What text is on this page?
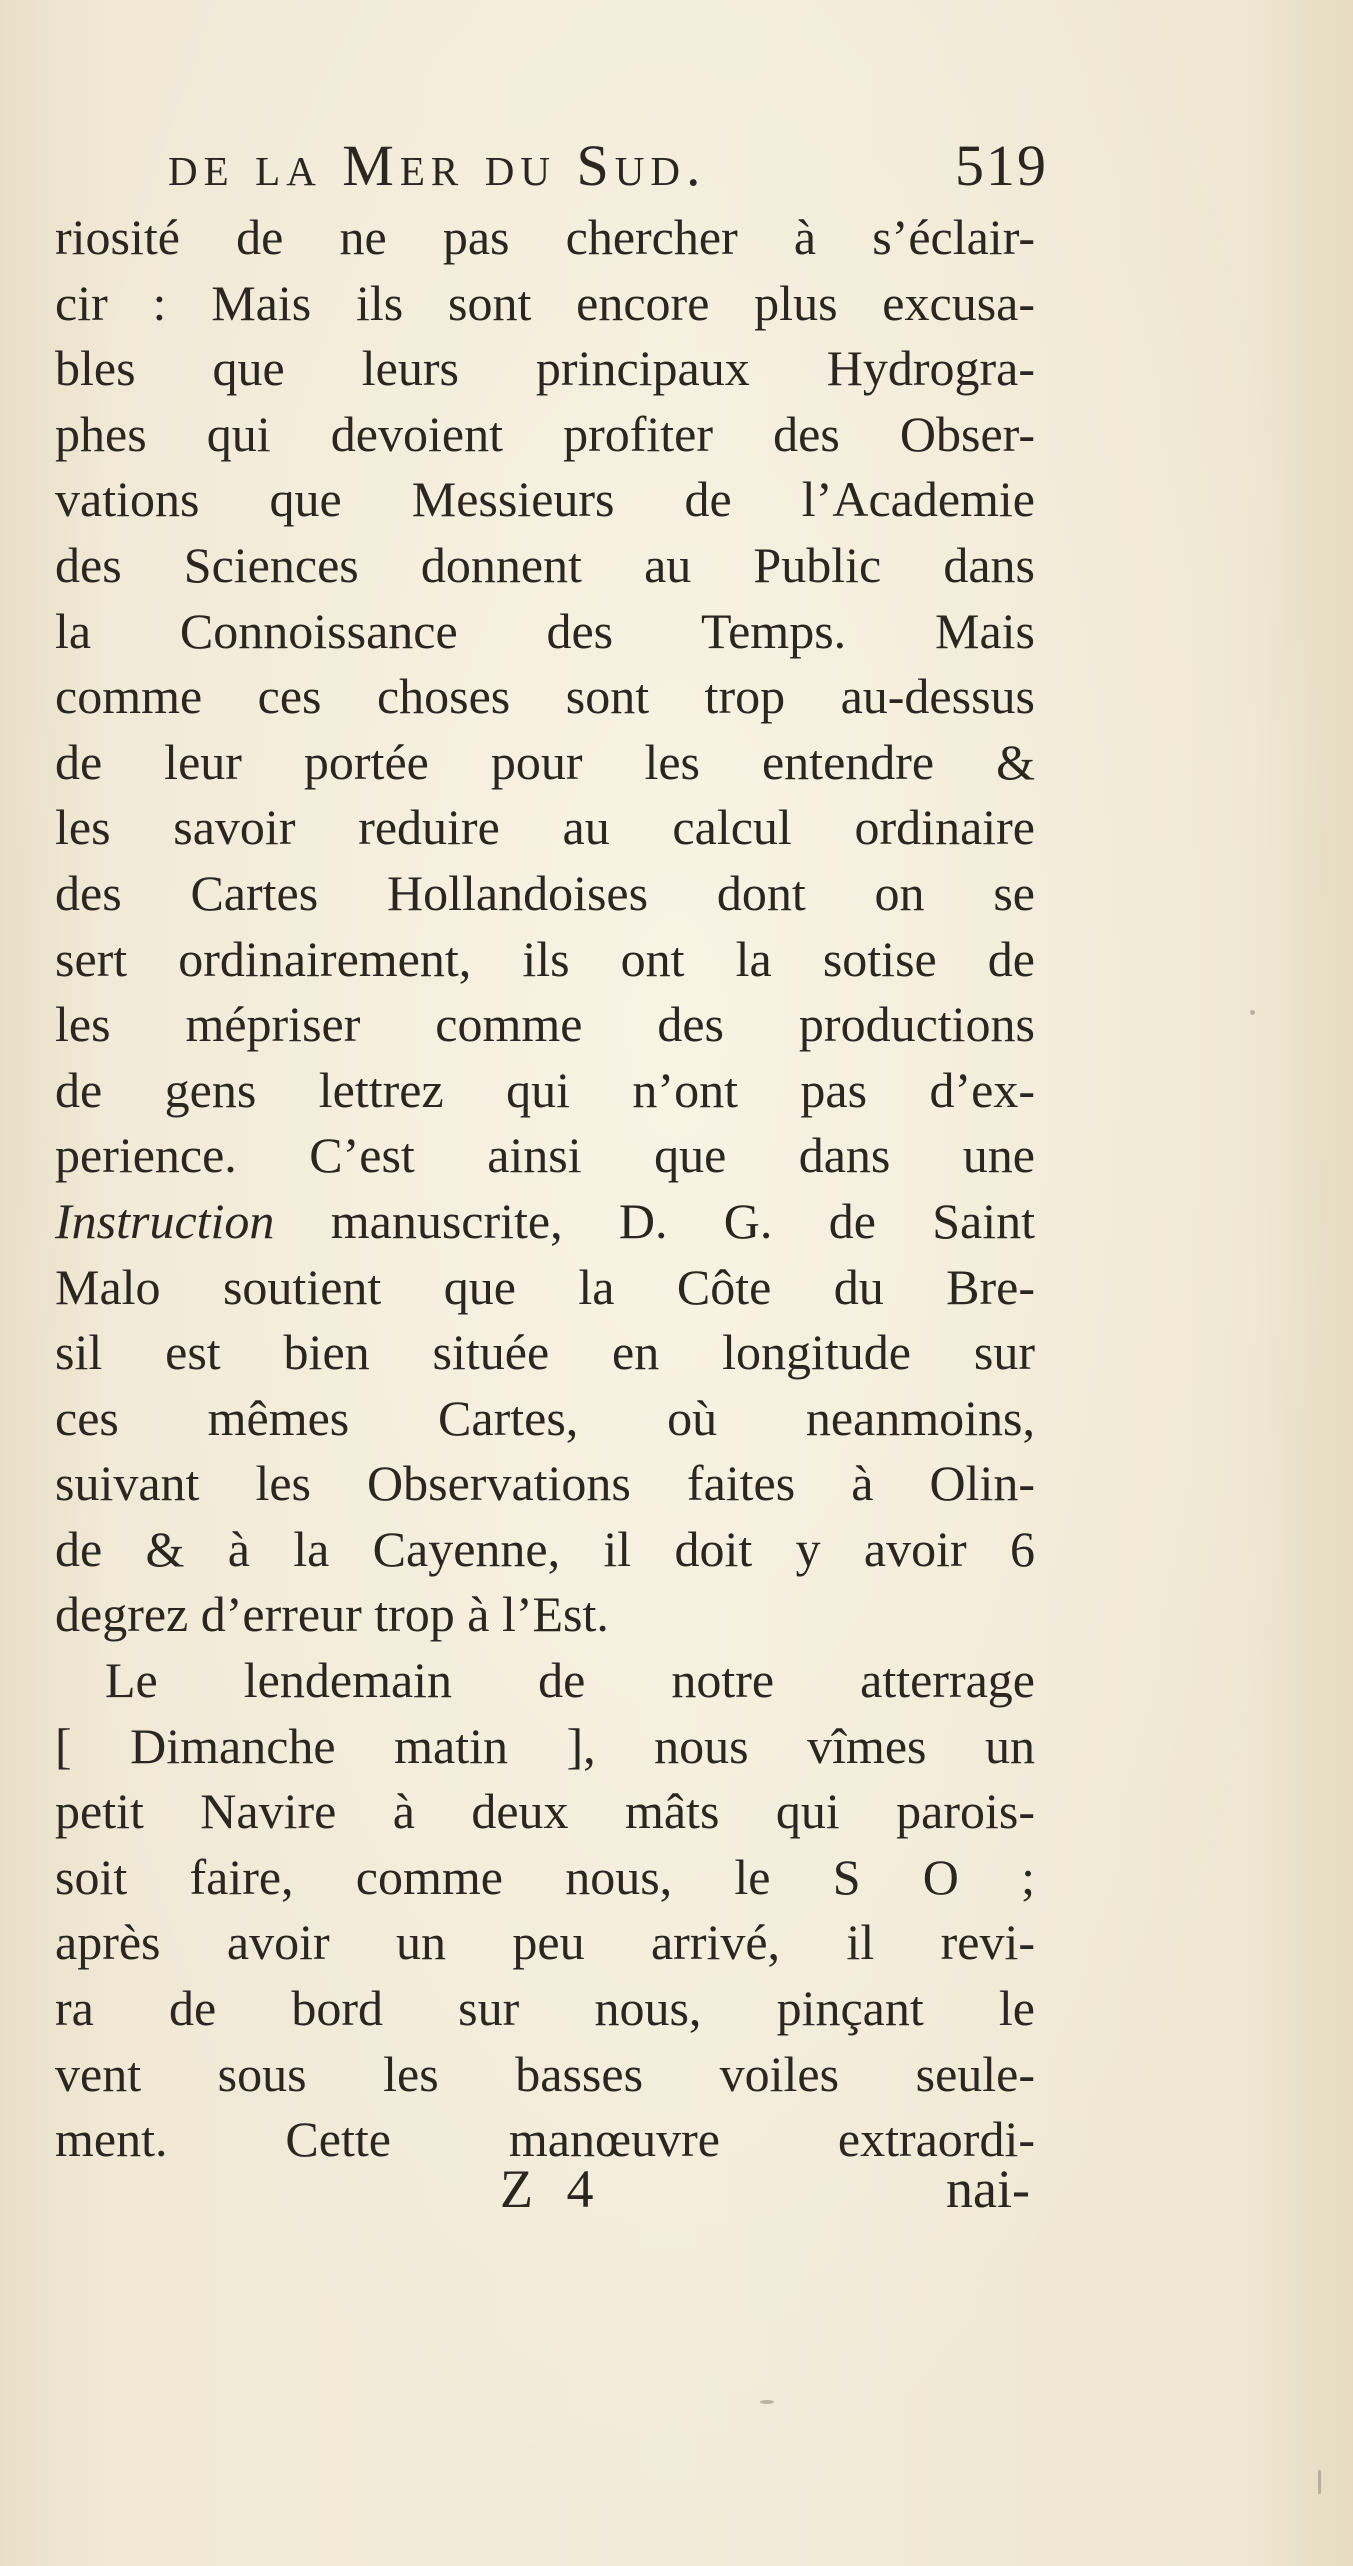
de la Mer du Sud.	519
riosité de ne pas chercher à s’éclair-
cir : Mais ils sont encore plus excusa-
bles que leurs principaux Hydrogra-
phes qui devoient profiter des Obser-
vations que Messieurs de l’Academie
des Sciences donnent au Public dans
la Connoissance des Temps. Mais
comme ces choses sont trop au-dessus
de leur portée pour les entendre &
les savoir reduire au calcul ordinaire
des Cartes Hollandoises dont on se
sert ordinairement, ils ont la sotise de
les mépriser comme des productions
de gens lettrez qui n’ont pas d’ex-
perience. C’est ainsi que dans une
Instruction manuscrite, D. G. de Saint
Malo soutient que la Côte du Bre-
sil est bien située en longitude sur
ces mêmes Cartes, où neanmoins,
suivant les Observations faites à Olin-
de & à la Cayenne, il doit y avoir 6
degrez d’erreur trop à l’Est.
Le lendemain de notre atterrage
[ Dimanche matin ], nous vîmes un
petit Navire à deux mâts qui parois-
soit faire, comme nous, le S O ;
après avoir un peu arrivé, il revi-
ra de bord sur nous, pinçant le
vent sous les basses voiles seule-
ment. Cette manœuvre extraordi-
Z 4	nai-
